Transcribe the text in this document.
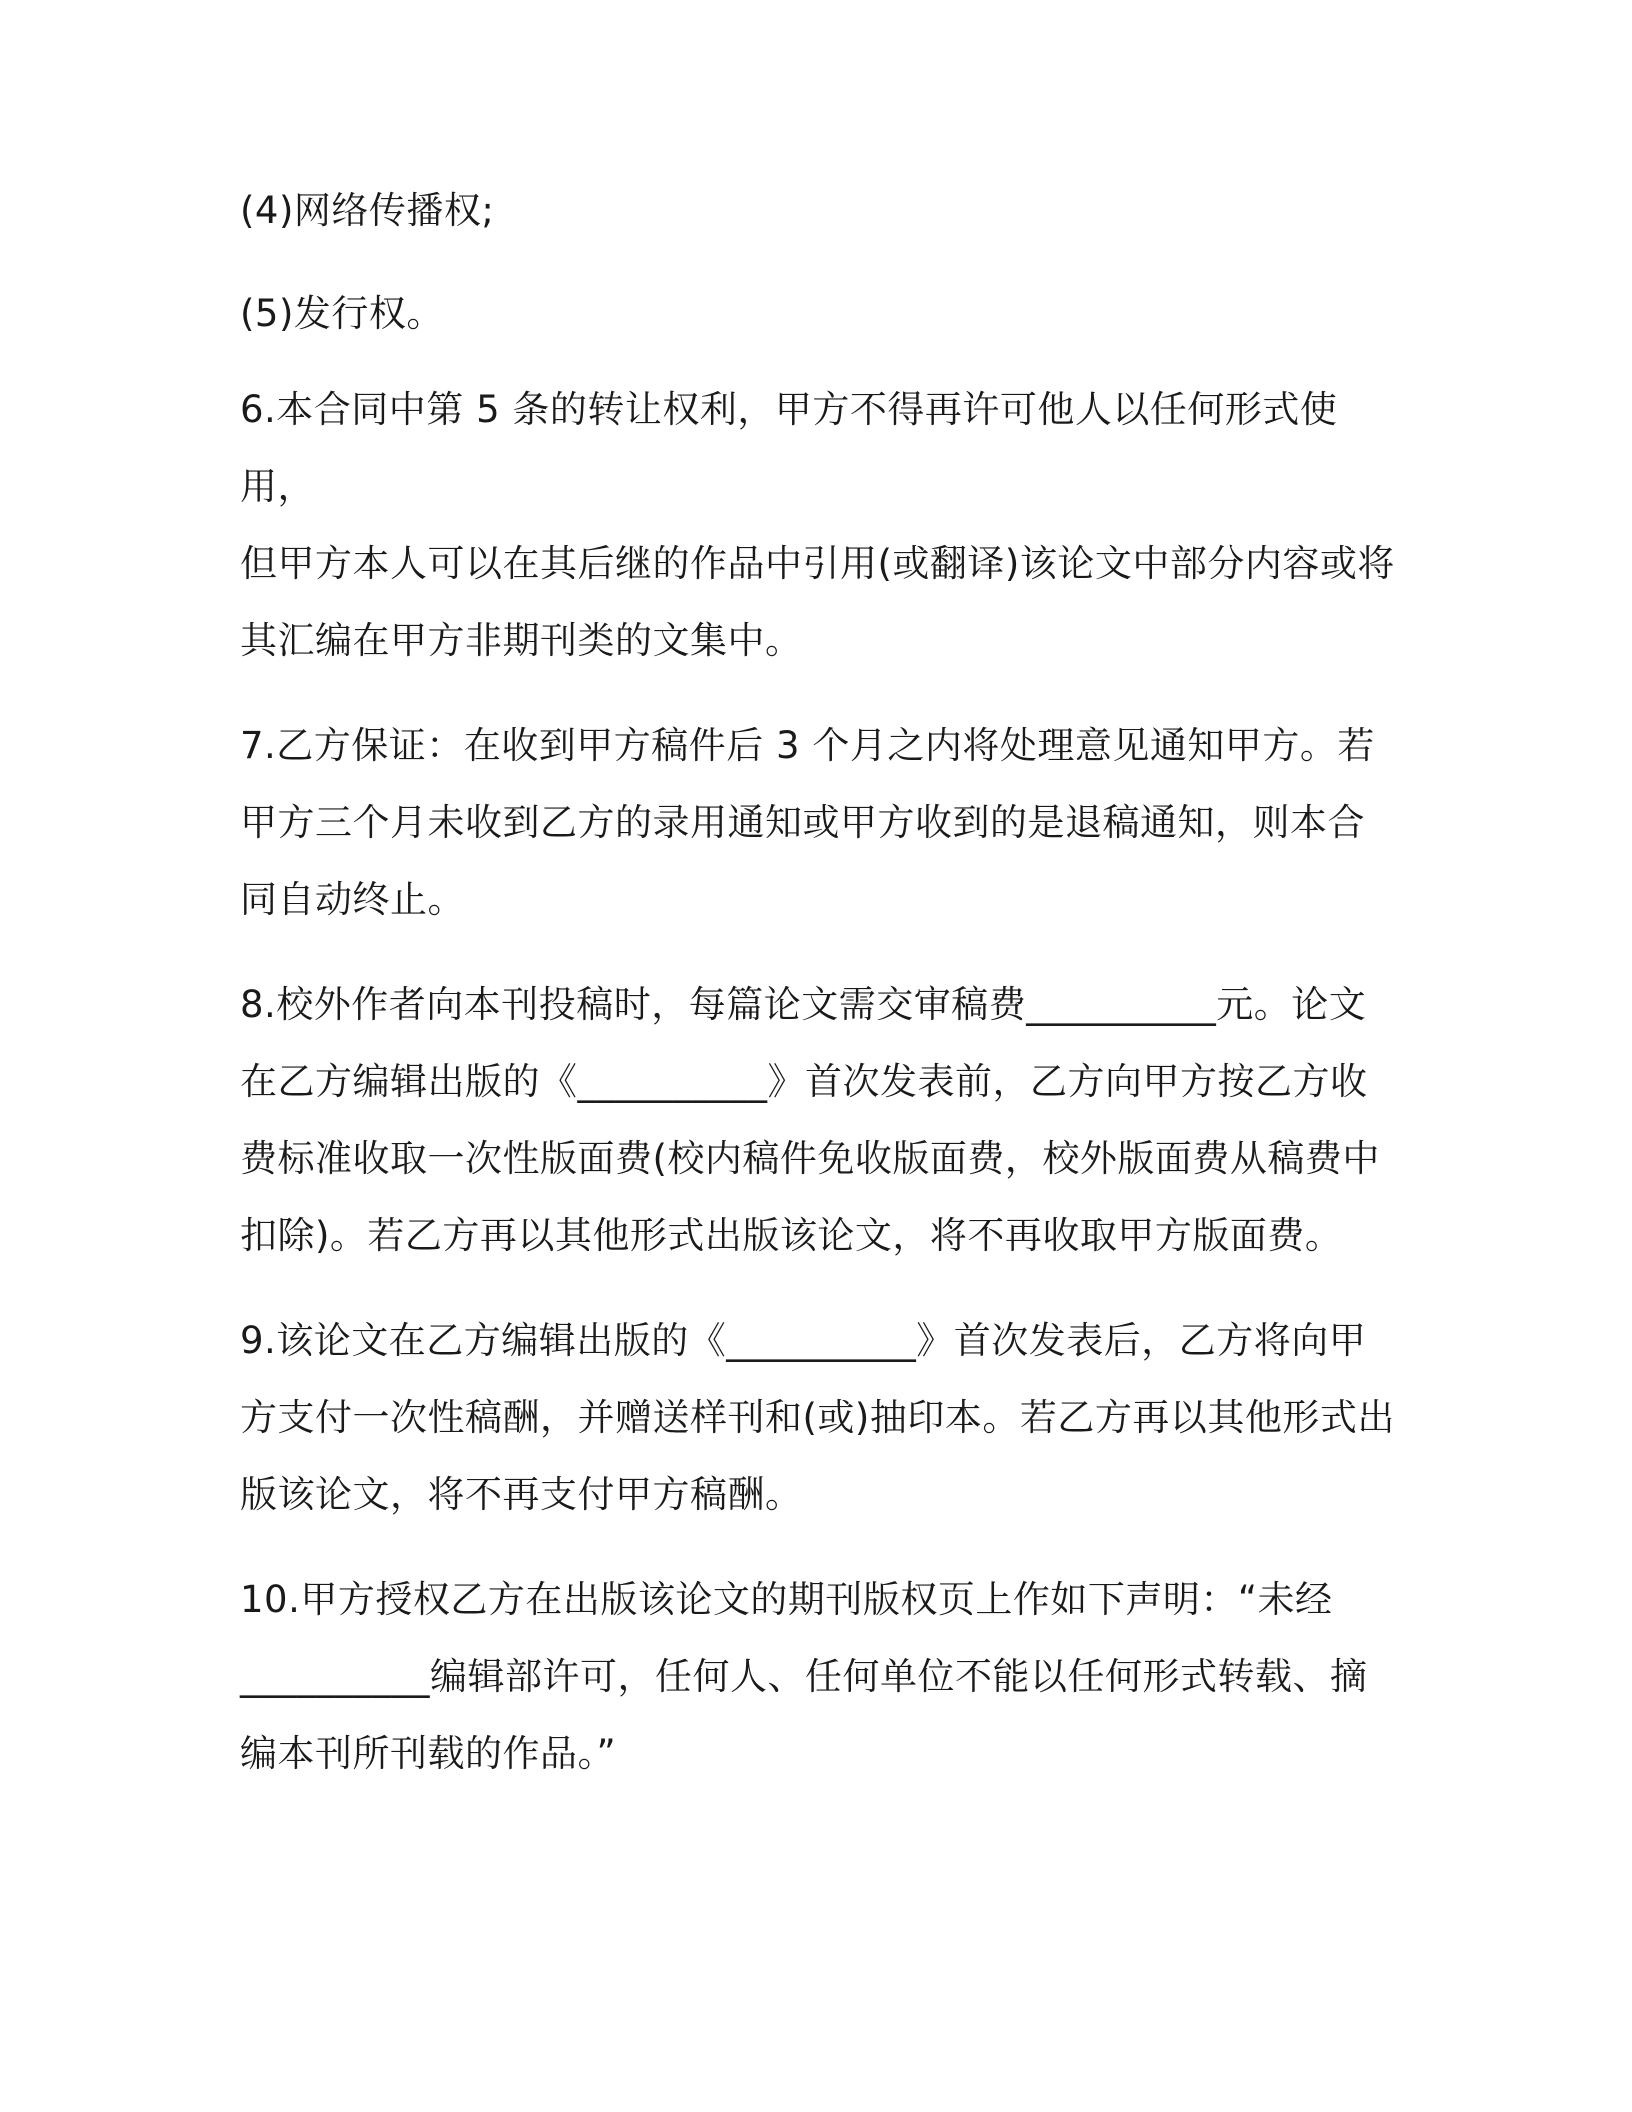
(4)网络传播权;

(5)发行权。

6.本合同中第 5 条的转让权利，甲方不得再许可他人以任何形式使用，
但甲方本人可以在其后继的作品中引用(或翻译)该论文中部分内容或将
其汇编在甲方非期刊类的文集中。

7.乙方保证：在收到甲方稿件后 3 个月之内将处理意见通知甲方。若
甲方三个月未收到乙方的录用通知或甲方收到的是退稿通知，则本合
同自动终止。

8.校外作者向本刊投稿时，每篇论文需交审稿费__________元。论文
在乙方编辑出版的《__________》首次发表前，乙方向甲方按乙方收
费标准收取一次性版面费(校内稿件免收版面费，校外版面费从稿费中
扣除)。若乙方再以其他形式出版该论文，将不再收取甲方版面费。

9.该论文在乙方编辑出版的《__________》首次发表后，乙方将向甲
方支付一次性稿酬，并赠送样刊和(或)抽印本。若乙方再以其他形式出
版该论文，将不再支付甲方稿酬。

10.甲方授权乙方在出版该论文的期刊版权页上作如下声明：“未经
__________编辑部许可，任何人、任何单位不能以任何形式转载、摘
编本刊所刊载的作品。”
